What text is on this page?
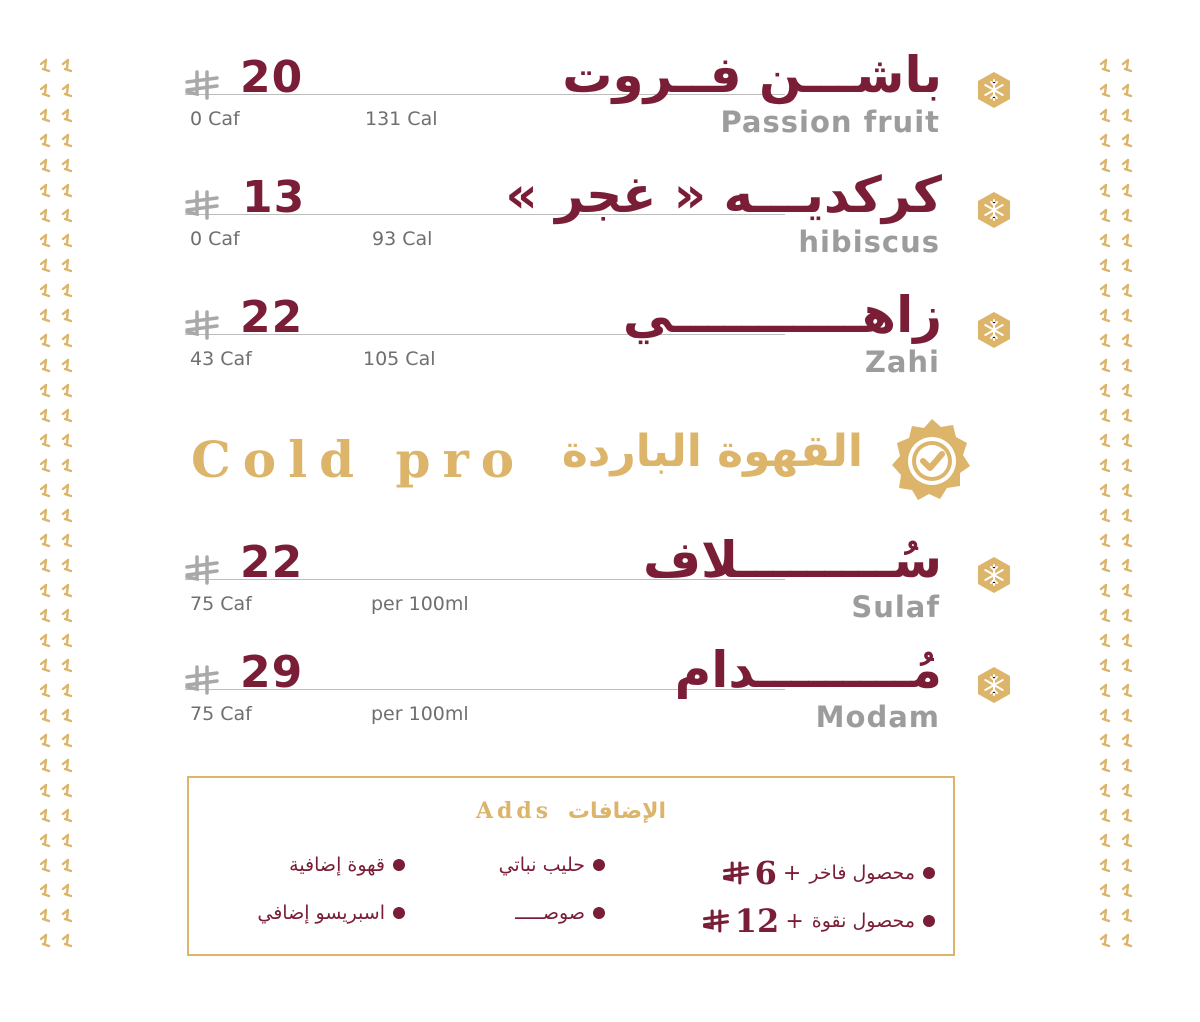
20	باشـــن فــروت
Passion fruit
0 Caf	131 Cal
13	كركديـــه « غجر »
hibiscus
0 Caf	93 Cal
22	زاهـــــــــــي
Zahi
43 Caf	105 Cal
22	سُـــــــــلاف
Sulaf
75 Caf	per 100ml
29	مُـــــــــدام
Modam
75 Caf	per 100ml
Cold pro القهوة الباردة
Adds الإضافات
محصول فاخر
+
6
حليب نباتي
قهوة إضافية
محصول نقوة
+
12
صوصـــــ
اسبريسو إضافي
